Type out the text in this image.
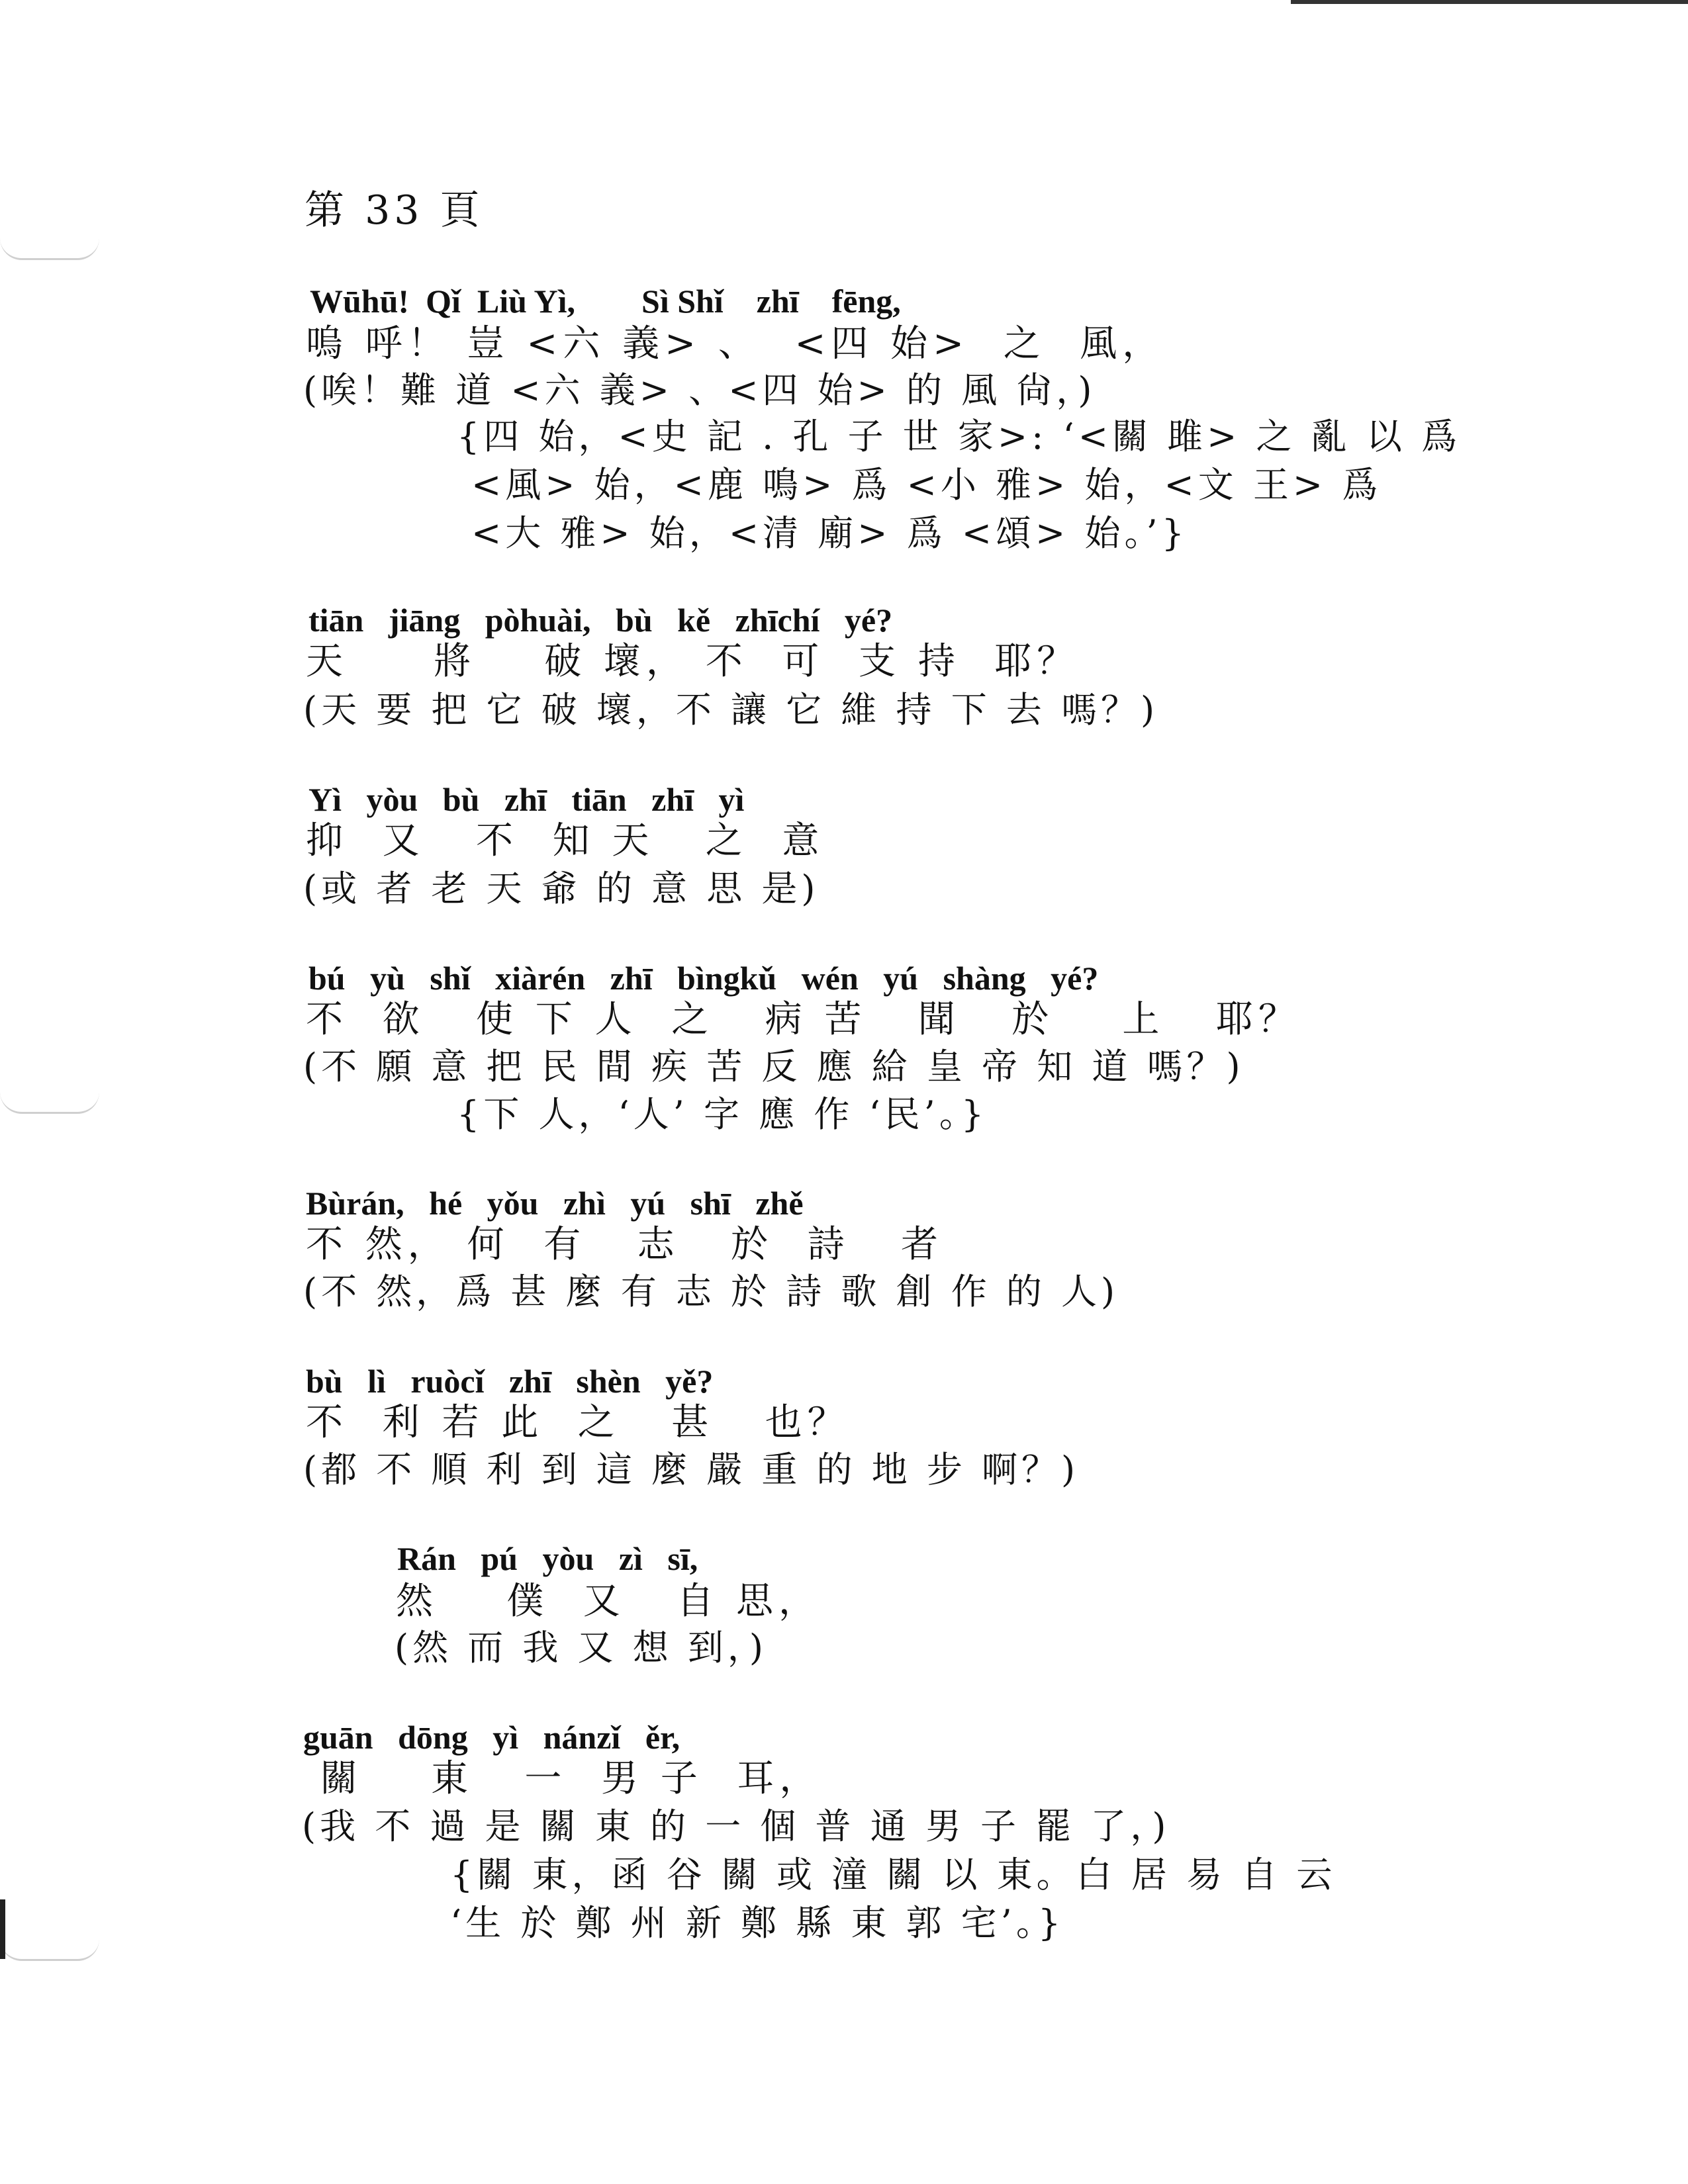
第 33 頁
Wūhū!  Qǐ  Liù Yì,        Sì Shǐ    zhī    fēng,
嗚 呼！ 豈 <六 義> 、  <四 始>  之  風，
(唉！難 道 <六 義> 、<四 始> 的 風 尙，)
{四 始，<史 記 . 孔 子 世 家>: ‘<關 雎> 之 亂 以 爲
<風> 始，<鹿 鳴> 爲 <小 雅> 始，<文 王> 爲
<大 雅> 始，<清 廟> 爲 <頌> 始。’}
tiān   jiāng   pòhuài,   bù   kě   zhīchí   yé?
天     將    破 壞， 不  可  支 持  耶？
(天 要 把 它 破 壞，不 讓 它 維 持 下 去 嗎？)
Yì   yòu   bù   zhī   tiān   zhī   yì
抑  又   不  知 天   之  意
(或 者 老 天 爺 的 意 思 是)
bú   yù   shǐ   xiàrén   zhī   bìngkǔ   wén   yú   shàng   yé?
不  欲   使 下 人  之   病 苦   聞   於    上   耶？
(不 願 意 把 民 間 疾 苦 反 應 給 皇 帝 知 道 嗎？)
{下 人，‘人’ 字 應 作 ‘民’。}
Bùrán,   hé   yǒu   zhì   yú   shī   zhě
不 然， 何  有   志   於  詩   者
(不 然，爲 甚 麼 有 志 於 詩 歌 創 作 的 人)
bù   lì   ruòcǐ   zhī   shèn   yě?
不  利 若 此  之   甚   也？
(都 不 順 利 到 這 麼 嚴 重 的 地 步 啊？)
Rán   pú   yòu   zì   sī,
然    僕  又   自 思，
(然 而 我 又 想 到，)
guān   dōng   yì   nánzǐ   ěr,
關    東   一  男 子  耳，
(我 不 過 是 關 東 的 一 個 普 通 男 子 罷 了，)
{關 東，函 谷 關 或 潼 關 以 東。白 居 易 自 云
‘生 於 鄭 州 新 鄭 縣 東 郭 宅’。}
